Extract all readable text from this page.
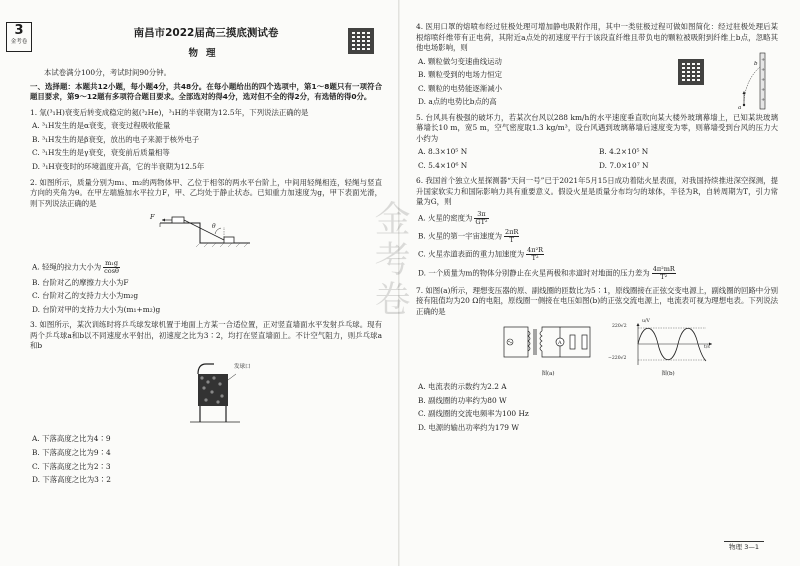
3
金考卷
南昌市2022届高三摸底测试卷
物理
本试卷满分100分，考试时间90分钟。
一、选择题：本题共12小题，每小题4分，共48分。在每小题给出的四个选项中，第1～8题只有一项符合题目要求，第9～12题有多项符合题目要求。全部选对的得4分，选对但不全的得2分，有选错的得0分。
1. 氚(³₁H)衰变后转变成稳定的氦(³₂He)，³₁H的半衰期为12.5年，下列说法正确的是
A. ³₁H发生的是α衰变，衰变过程吸收能量
B. ³₁H发生的是β衰变，放出的电子来源于核外电子
C. ³₁H发生的是γ衰变，衰变前后质量相等
D. ³₁H衰变时的环境温度升高，它的半衰期为12.5年
2. 如图所示，质量分别为m₁、m₂的两物体甲、乙位于相邻的两水平台阶上，中间用轻绳相连，轻绳与竖直方向的夹角为θ。在甲左端施加水平拉力F，甲、乙均处于静止状态。已知重力加速度为g，甲下表面光滑，则下列说法正确的是
F
θ
A. 轻绳的拉力大小为 $\frac{\text{m₁g}}{\cos\theta}$
B. 台阶对乙的摩擦力大小为F
C. 台阶对乙的支持力大小为m₂g
D. 台阶对甲的支持力大小为(m₁+m₂)g
3. 如图所示，某次训练时将乒乓球发球机置于地面上方某一合适位置，正对竖直墙面水平发射乒乓球。现有两个乒乓球a和b以不同速度水平射出，初速度之比为3∶2，均打在竖直墙面上。不计空气阻力，则乒乓球a和b
发球口
A. 下落高度之比为4∶9
B. 下落高度之比为9∶4
C. 下落高度之比为2∶3
D. 下落高度之比为3∶2
金考卷
4. 医用口罩的熔喷布经过驻极处理可增加静电吸附作用，其中一类驻极过程可做如图简化：经过驻极处理后某根熔喷纤维带有正电荷，其附近a点处的初速度平行于该段直纤维且带负电的颗粒被吸附到纤维上b点，忽略其他电场影响，则
A. 颗粒做匀变速曲线运动
B. 颗粒受到的电场力恒定
C. 颗粒的电势能逐渐减小
D. a点的电势比b点的高
+
+
+
+
+
a
b
5. 台风具有极强的破坏力，若某次台风以288 km/h的水平速度垂直吹向某大楼外玻璃幕墙上，已知某块玻璃幕墙长10 m，宽5 m，空气密度取1.3 kg/m³，设台风遇到玻璃幕墙后速度变为零，则幕墙受到台风的压力大小约为
A. 8.3×10⁵ N	B. 4.2×10⁵ N
C. 5.4×10⁶ N	D. 7.0×10⁷ N
6. 我国首个独立火星探测器“天问一号”已于2021年5月15日成功着陆火星表面，对我国持续推进深空探测，提升国家软实力和国际影响力具有重要意义。假设火星是质量分布均匀的球体，半径为R，自转周期为T，引力常量为G，则
A. 火星的密度为 $\frac{3\pi}{\text{GT²}}$
B. 火星的第一宇宙速度为 $\frac{2\pi R}{T}$
C. 火星赤道表面的重力加速度为 $\frac{\text{4π²R}}{\text{T²}}$
D. 一个质量为m的物体分别静止在火星两极和赤道时对地面的压力差为 $\frac{\text{4π²mR}}{\text{T²}}$
7. 如图(a)所示，理想变压器的原、副线圈的匝数比为5∶1，原线圈接在正弦交变电源上，副线圈的回路中分别接有阻值均为20 Ω的电阻，原线圈一侧接在电压如图(b)的正弦交流电源上，电流表可视为理想电表。下列说法正确的是
A
图(a)
220√2
−220√2
u/V
t/s
图(b)
A. 电流表的示数约为2.2 A
B. 副线圈的功率约为80 W
C. 副线圈的交流电频率为100 Hz
D. 电源的输出功率约为179 W
物理 3—1
